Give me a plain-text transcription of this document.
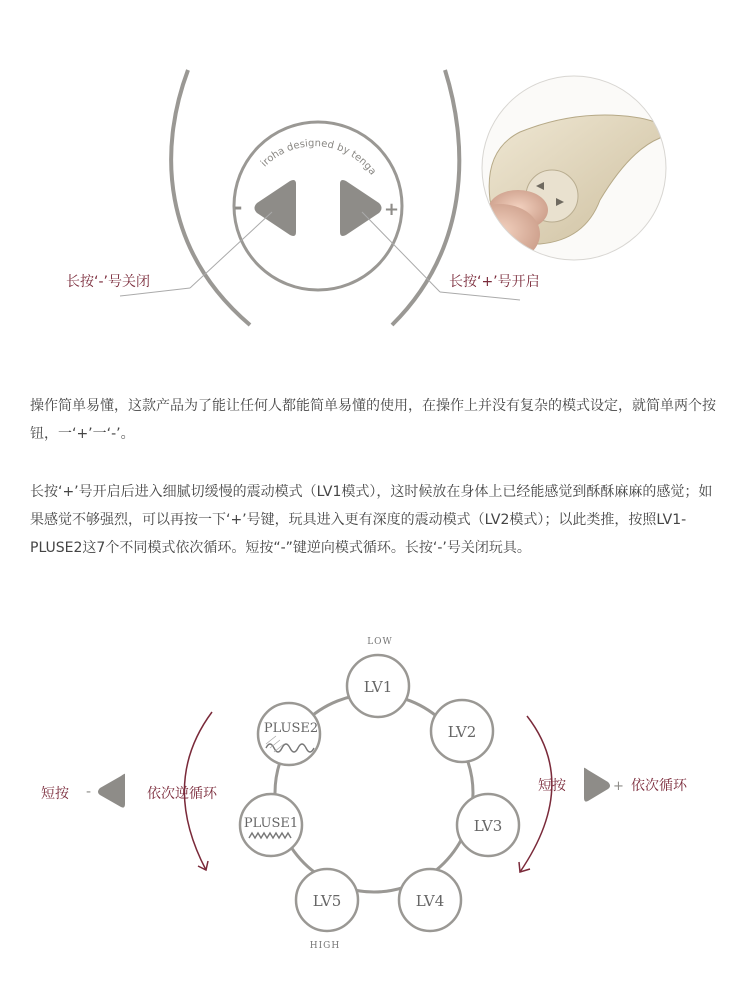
iroha designed by tenga
-	+
长按‘-’号关闭	长按‘+’号开启

操作简单易懂，这款产品为了能让任何人都能简单易懂的使用，在操作上并没有复杂的模式设定，就简单两个按钮，一‘+’一‘-’。

长按‘+’号开启后进入细腻切缓慢的震动模式（LV1模式），这时候放在身体上已经能感觉到酥酥麻麻的感觉；如果感觉不够强烈，可以再按一下‘+’号键，玩具进入更有深度的震动模式（LV2模式）；以此类推，按照LV1-PLUSE2这7个不同模式依次循环。短按“-”键逆向模式循环。长按‘-’号关闭玩具。

LOW
HIGH
LV1
LV2
LV3
LV4
LV5
PLUSE1
PLUSE2
短按 -	依次逆循环	短按	+ 依次循环
